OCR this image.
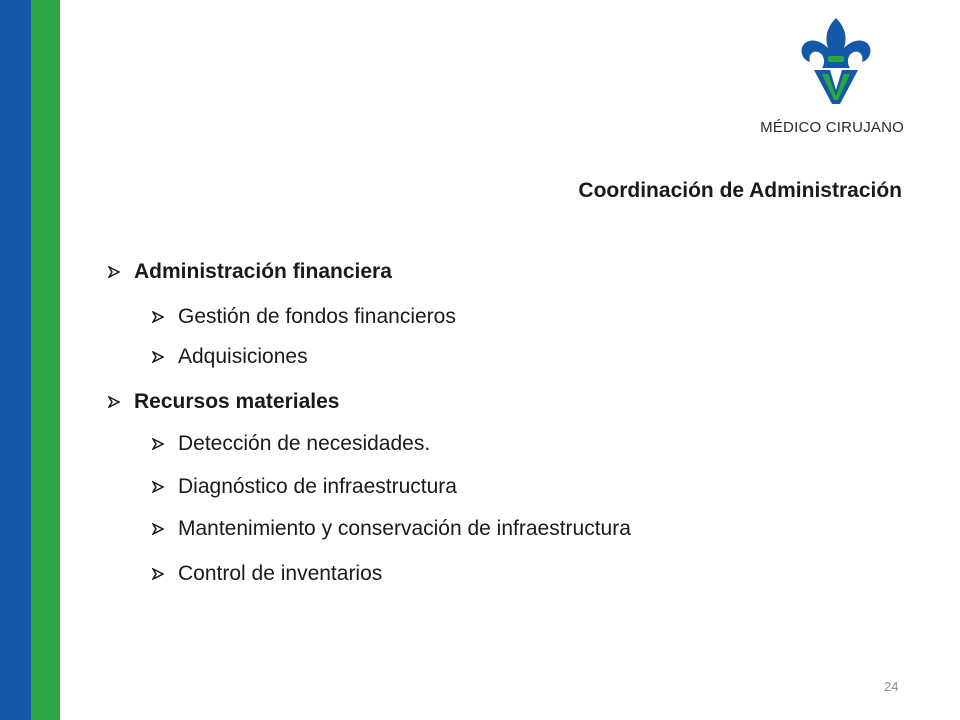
MÉDICO CIRUJANO
Coordinación de Administración
Administración financiera
Gestión de fondos financieros
Adquisiciones
Recursos materiales
Detección de necesidades.
Diagnóstico de infraestructura
Mantenimiento y conservación de infraestructura
Control de inventarios
24
